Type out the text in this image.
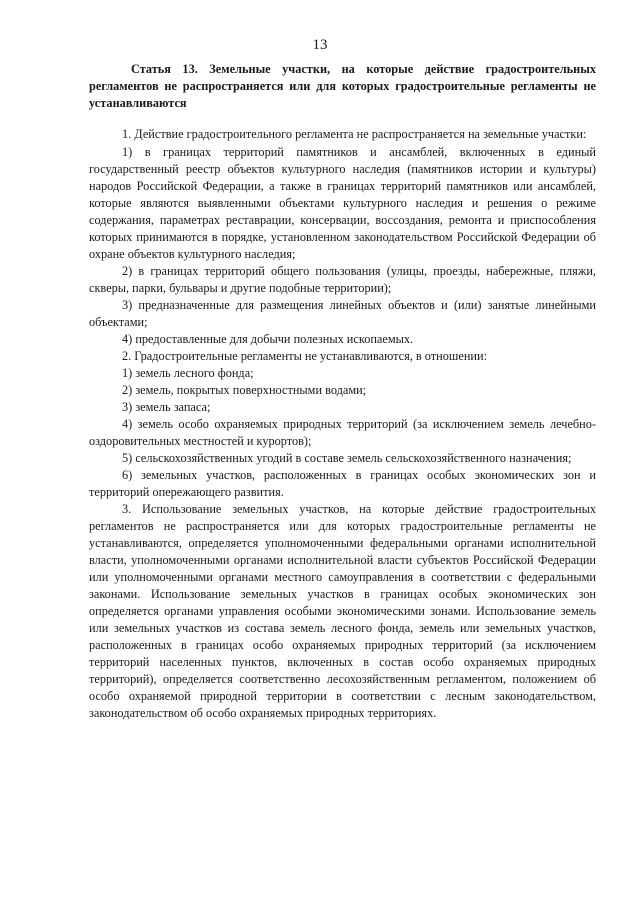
13

Статья 13. Земельные участки, на которые действие градостроительных регламентов не распространяется или для которых градостроительные регламенты не устанавливаются

1. Действие градостроительного регламента не распространяется на земельные участки:

1) в границах территорий памятников и ансамблей, включенных в единый государственный реестр объектов культурного наследия (памятников истории и культуры) народов Российской Федерации, а также в границах территорий памятников или ансамблей, которые являются выявленными объектами культурного наследия и решения о режиме содержания, параметрах реставрации, консервации, воссоздания, ремонта и приспособления которых принимаются в порядке, установленном законодательством Российской Федерации об охране объектов культурного наследия;

2) в границах территорий общего пользования (улицы, проезды, набережные, пляжи, скверы, парки, бульвары и другие подобные территории);

3) предназначенные для размещения линейных объектов и (или) занятые линейными объектами;

4) предоставленные для добычи полезных ископаемых.

2. Градостроительные регламенты не устанавливаются, в отношении:

1) земель лесного фонда;

2) земель, покрытых поверхностными водами;

3) земель запаса;

4) земель особо охраняемых природных территорий (за исключением земель лечебно-оздоровительных местностей и курортов);

5) сельскохозяйственных угодий в составе земель сельскохозяйственного назначения;

6) земельных участков, расположенных в границах особых экономических зон и территорий опережающего развития.

3. Использование земельных участков, на которые действие градостроительных регламентов не распространяется или для которых градостроительные регламенты не устанавливаются, определяется уполномоченными федеральными органами исполнительной власти, уполномоченными органами исполнительной власти субъектов Российской Федерации или уполномоченными органами местного самоуправления в соответствии с федеральными законами. Использование земельных участков в границах особых экономических зон определяется органами управления особыми экономическими зонами. Использование земель или земельных участков из состава земель лесного фонда, земель или земельных участков, расположенных в границах особо охраняемых природных территорий (за исключением территорий населенных пунктов, включенных в состав особо охраняемых природных территорий), определяется соответственно лесохозяйственным регламентом, положением об особо охраняемой природной территории в соответствии с лесным законодательством, законодательством об особо охраняемых природных территориях.
